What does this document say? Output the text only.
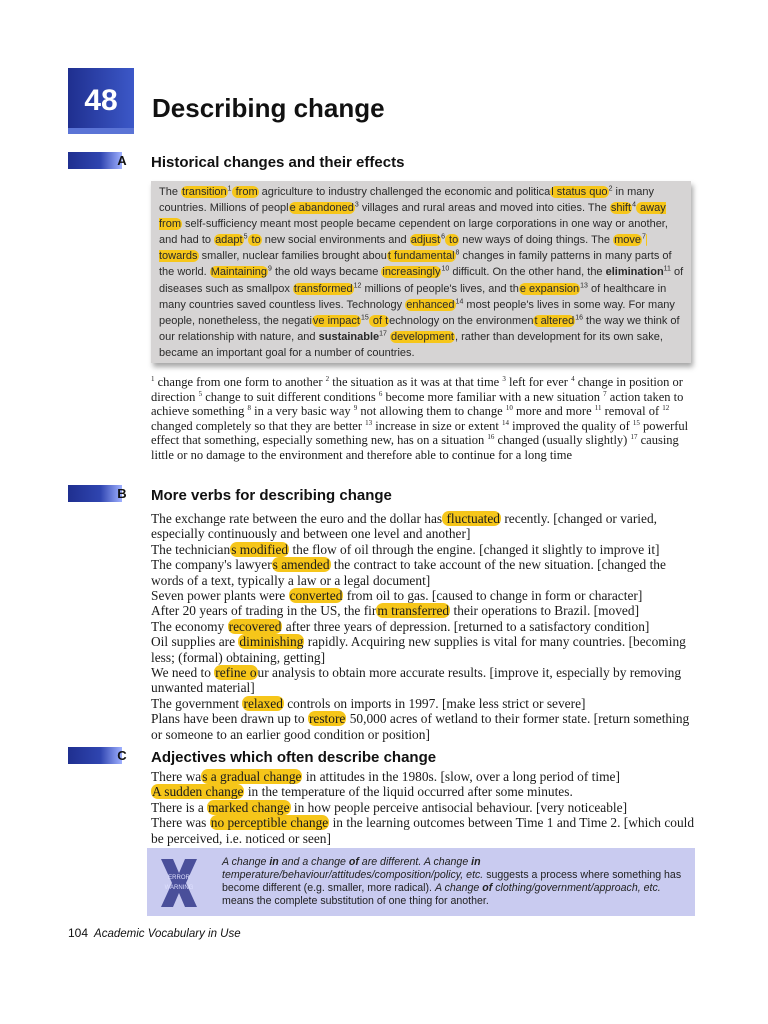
48	Describing change
A Historical changes and their effects

The transition$^1$ from agriculture to industry challenged the economic and political status quo$^2$ in many countries. Millions of people abandoned$^3$ villages and rural areas and moved into cities. The shift$^4$ away from self-sufficiency meant most people became cependent on large corporations in one way or another, and had to adapt$^5$ to new social environments and adjust$^6$ to new ways of doing things. The move$^7$ towards smaller, nuclear families brought about fundamental$^8$ changes in family patterns in many parts of the world. Maintaining$^9$ the old ways became increasingly$^{10}$ difficult. On the other hand, the elimination$^{11}$ of diseases such as smallpox transformed$^{12}$ millions of people's lives, and the expansion$^{13}$ of healthcare in many countries saved countless lives. Technology enhanced$^{14}$ most people's lives in some way. For many people, nonetheless, the negative impact$^{15}$ of technology on the environment altered$^{16}$ the way we think of our relationship with nature, and sustainable$^{17}$ development, rather than development for its own sake, became an important goal for a number of countries.

$^1$ change from one form to another $^2$ the situation as it was at that time $^3$ left for ever $^4$ change in position or direction $^5$ change to suit different conditions $^6$ become more familiar with a new situation $^7$ action taken to achieve something $^8$ in a very basic way $^9$ not allowing them to change $^{10}$ more and more $^{11}$ removal of $^{12}$ changed completely so that they are better $^{13}$ increase in size or extent $^{14}$ improved the quality of $^{15}$ powerful effect that something, especially something new, has on a situation $^{16}$ changed (usually slightly) $^{17}$ causing little or no damage to the environment and therefore able to continue for a long time

B More verbs for describing change
The exchange rate between the euro and the dollar has fluctuated recently. [changed or varied, especially continuously and between one level and another]
The technicians modified the flow of oil through the engine. [changed it slightly to improve it]
The company's lawyers amended the contract to take account of the new situation. [changed the words of a text, typically a law or a legal document]
Seven power plants were converted from oil to gas. [caused to change in form or character]
After 20 years of trading in the US, the firm transferred their operations to Brazil. [moved]
The economy recovered after three years of depression. [returned to a satisfactory condition]
Oil supplies are diminishing rapidly. Acquiring new supplies is vital for many countries. [becoming less; (formal) obtaining, getting]
We need to refine our analysis to obtain more accurate results. [improve it, especially by removing unwanted material]
The government relaxed controls on imports in 1997. [make less strict or severe]
Plans have been drawn up to restore 50,000 acres of wetland to their former state. [return something or someone to an earlier good condition or position]
C Adjectives which often describe change
There was a gradual change in attitudes in the 1980s. [slow, over a long period of time]
A sudden change in the temperature of the liquid occurred after some minutes.
There is a marked change in how people perceive antisocial behaviour. [very noticeable]
There was no perceptible change in the learning outcomes between Time 1 and Time 2. [which could be perceived, i.e. noticed or seen]
ERROR
WARNING

A change in and a change of are different. A change in temperature/behaviour/attitudes/composition/policy, etc. suggests a process where something has become different (e.g. smaller, more radical). A change of clothing/government/approach, etc. means the complete substitution of one thing for another.

104 Academic Vocabulary in Use
